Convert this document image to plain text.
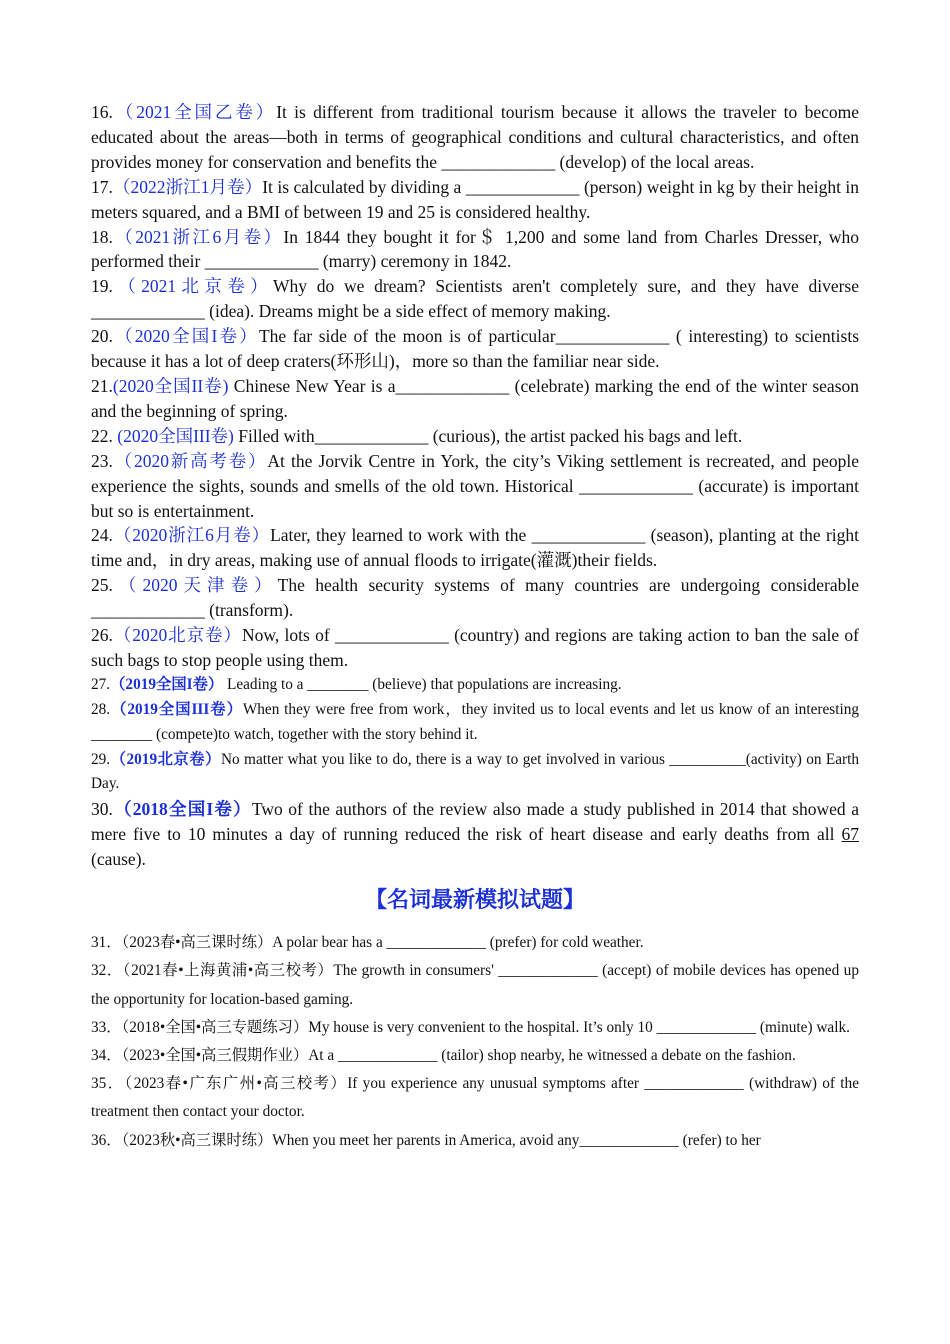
16.（2021全国乙卷）It is different from traditional tourism because it allows the traveler to become educated about the areas—both in terms of geographical conditions and cultural characteristics, and often provides money for conservation and benefits the _____________ (develop) of the local areas.
17.（2022浙江1月卷）It is calculated by dividing a _____________ (person) weight in kg by their height in meters squared, and a BMI of between 19 and 25 is considered healthy.
18.（2021浙江6月卷）In 1844 they bought it for＄ 1,200 and some land from Charles Dresser, who performed their _____________ (marry) ceremony in 1842.
19.（2021北京卷）Why do we dream? Scientists aren't completely sure, and they have diverse _____________ (idea). Dreams might be a side effect of memory making.
20.（2020全国I卷）The far side of the moon is of particular_____________ ( interesting) to scientists because it has a lot of deep craters(环形山)，more so than the familiar near side.
21.(2020全国II卷) Chinese New Year is a_____________ (celebrate) marking the end of the winter season and the beginning of spring.
22. (2020全国III卷) Filled with_____________ (curious), the artist packed his bags and left.
23.（2020新高考卷）At the Jorvik Centre in York, the city’s Viking settlement is recreated, and people experience the sights, sounds and smells of the old town. Historical _____________ (accurate) is important but so is entertainment.
24.（2020浙江6月卷）Later, they learned to work with the _____________ (season), planting at the right time and，in dry areas, making use of annual floods to irrigate(灌溉)their fields.
25.（2020天津卷）The health security systems of many countries are undergoing considerable _____________ (transform).
26.（2020北京卷）Now, lots of _____________ (country) and regions are taking action to ban the sale of such bags to stop people using them.
27.（2019全国I卷） Leading to a ________ (believe) that populations are increasing.
28.（2019全国III卷）When they were free from work，they invited us to local events and let us know of an interesting ________ (compete)to watch, together with the story behind it.
29.（2019北京卷）No matter what you like to do, there is a way to get involved in various __________(activity) on Earth Day.
30.（2018全国I卷）Two of the authors of the review also made a study published in 2014 that showed a mere five to 10 minutes a day of running reduced the risk of heart disease and early deaths from all 67 (cause).
【名词最新模拟试题】
31．（2023春•高三课时练）A polar bear has a _____________ (prefer) for cold weather.
32．（2021春•上海黄浦•高三校考）The growth in consumers' _____________ (accept) of mobile devices has opened up the opportunity for location-based gaming.
33．（2018•全国•高三专题练习）My house is very convenient to the hospital. It’s only 10 _____________ (minute) walk.
34．（2023•全国•高三假期作业）At a _____________ (tailor) shop nearby, he witnessed a debate on the fashion.
35．（2023春•广东广州•高三校考）If you experience any unusual symptoms after _____________ (withdraw) of the treatment then contact your doctor.
36．（2023秋•高三课时练）When you meet her parents in America, avoid any_____________ (refer) to her
